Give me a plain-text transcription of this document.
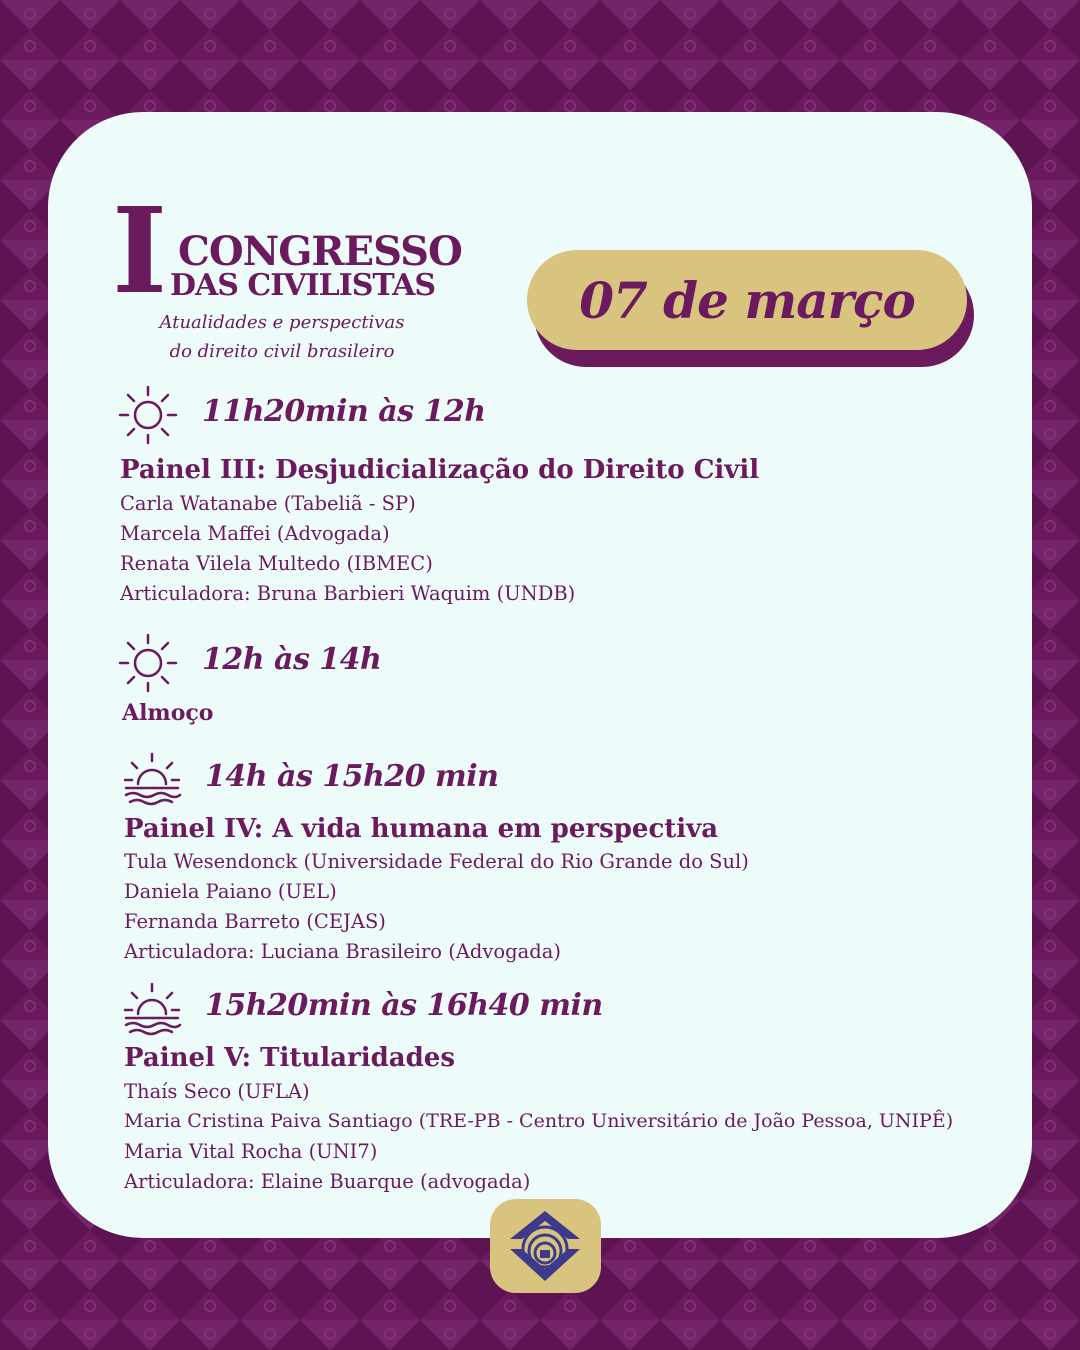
I CONGRESSO
DAS CIVILISTAS
Atualidades e perspectivas
do direito civil brasileiro
07 de março
11h20min às 12h
Painel III: Desjudicialização do Direito Civil
Carla Watanabe (Tabeliã - SP)
Marcela Maffei (Advogada)
Renata Vilela Multedo (IBMEC)
Articuladora: Bruna Barbieri Waquim (UNDB)
12h às 14h
Almoço
14h às 15h20 min
Painel IV: A vida humana em perspectiva
Tula Wesendonck (Universidade Federal do Rio Grande do Sul)
Daniela Paiano (UEL)
Fernanda Barreto (CEJAS)
Articuladora: Luciana Brasileiro (Advogada)
15h20min às 16h40 min
Painel V: Titularidades
Thaís Seco (UFLA)
Maria Cristina Paiva Santiago (TRE-PB - Centro Universitário de João Pessoa, UNIPÊ)
Maria Vital Rocha (UNI7)
Articuladora: Elaine Buarque (advogada)
